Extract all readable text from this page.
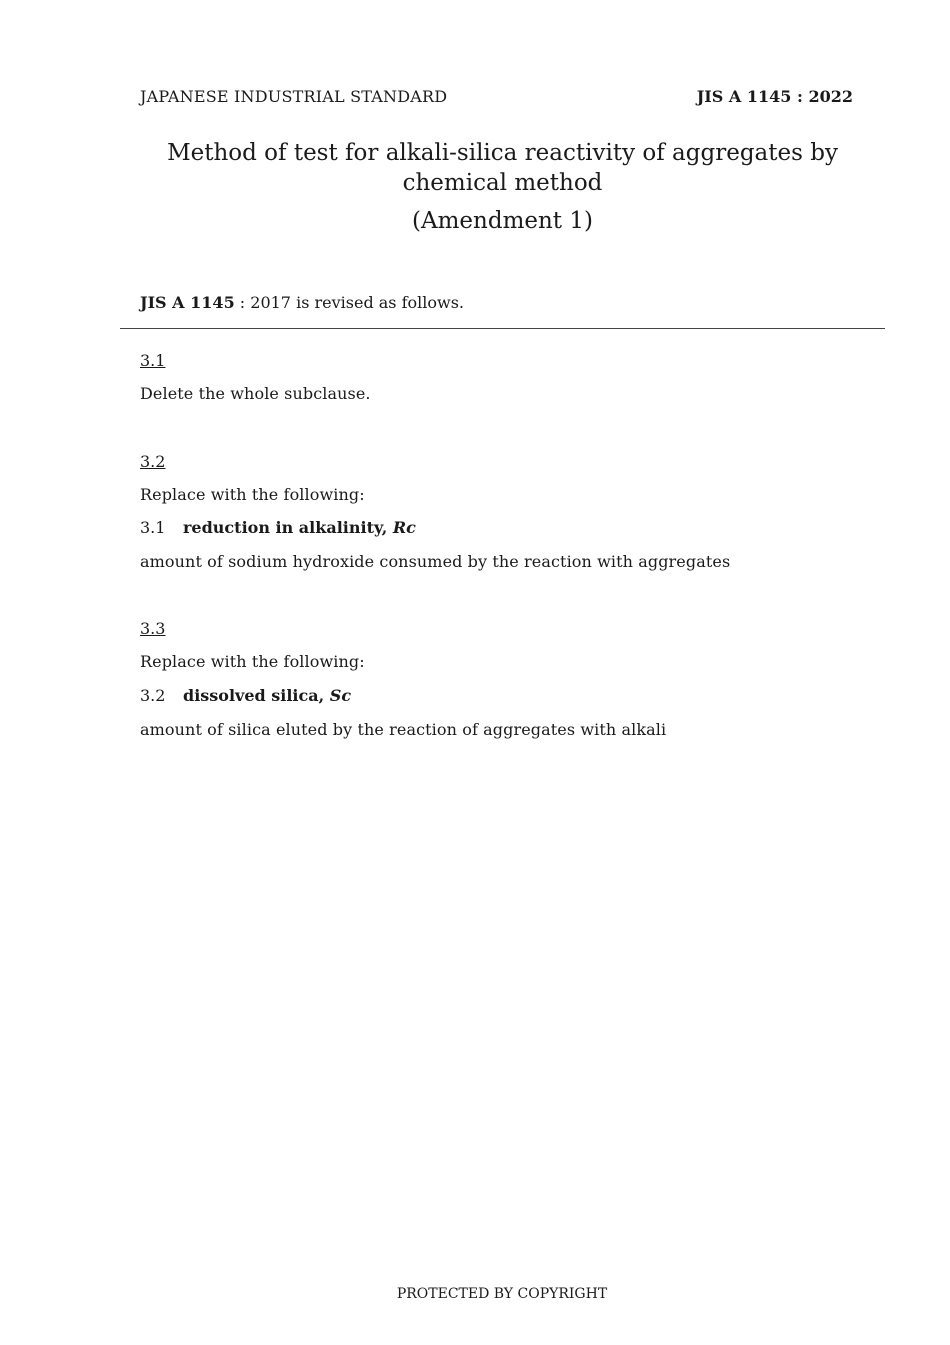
JAPANESE INDUSTRIAL STANDARD	JIS A 1145 : 2022
Method of test for alkali-silica reactivity of aggregates by chemical method
(Amendment 1)
JIS A 1145 : 2017 is revised as follows.
3.1
Delete the whole subclause.
3.2
Replace with the following:
3.1 reduction in alkalinity, Rc
amount of sodium hydroxide consumed by the reaction with aggregates
3.3
Replace with the following:
3.2 dissolved silica, Sc
amount of silica eluted by the reaction of aggregates with alkali
PROTECTED BY COPYRIGHT
